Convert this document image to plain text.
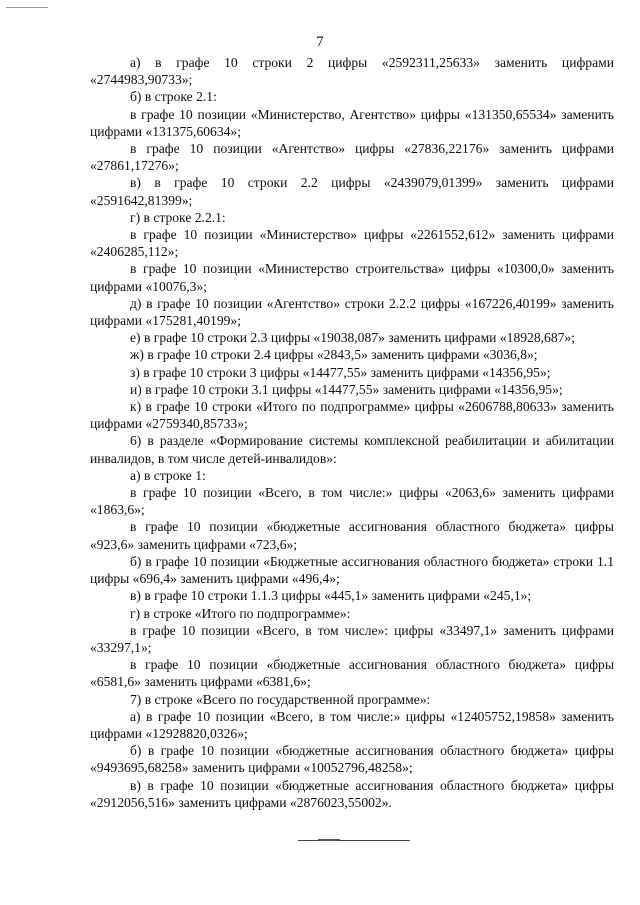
7

а) в графе 10 строки 2 цифры «2592311,25633» заменить цифрами «2744983,90733»;

б) в строке 2.1:

в графе 10 позиции «Министерство, Агентство» цифры «131350,65534» заменить цифрами «131375,60634»;

в графе 10 позиции «Агентство» цифры «27836,22176» заменить цифрами «27861,17276»;

в) в графе 10 строки 2.2 цифры «2439079,01399» заменить цифрами «2591642,81399»;

г) в строке 2.2.1:

в графе 10 позиции «Министерство» цифры «2261552,612» заменить цифрами «2406285,112»;

в графе 10 позиции «Министерство строительства» цифры «10300,0» заменить цифрами «10076,3»;

д) в графе 10 позиции «Агентство» строки 2.2.2 цифры «167226,40199» заменить цифрами «175281,40199»;

е) в графе 10 строки 2.3 цифры «19038,087» заменить цифрами «18928,687»;

ж) в графе 10 строки 2.4 цифры «2843,5» заменить цифрами «3036,8»;

з) в графе 10 строки 3 цифры «14477,55» заменить цифрами «14356,95»;

и) в графе 10 строки 3.1 цифры «14477,55» заменить цифрами «14356,95»;

к) в графе 10 строки «Итого по подпрограмме» цифры «2606788,80633» заменить цифрами «2759340,85733»;

6) в разделе «Формирование системы комплексной реабилитации и абилитации инвалидов, в том числе детей-инвалидов»:

а) в строке 1:

в графе 10 позиции «Всего, в том числе:» цифры «2063,6» заменить цифрами «1863,6»;

в графе 10 позиции «бюджетные ассигнования областного бюджета» цифры «923,6» заменить цифрами «723,6»;

б) в графе 10 позиции «Бюджетные ассигнования областного бюджета» строки 1.1 цифры «696,4» заменить цифрами «496,4»;

в) в графе 10 строки 1.1.3 цифры «445,1» заменить цифрами «245,1»;

г) в строке «Итого по подпрограмме»:

в графе 10 позиции «Всего, в том числе»: цифры «33497,1» заменить цифрами «33297,1»;

в графе 10 позиции «бюджетные ассигнования областного бюджета» цифры «6581,6» заменить цифрами «6381,6»;

7) в строке «Всего по государственной программе»:

а) в графе 10 позиции «Всего, в том числе:» цифры «12405752,19858» заменить цифрами «12928820,0326»;

б) в графе 10 позиции «бюджетные ассигнования областного бюджета» цифры «9493695,68258» заменить цифрами «10052796,48258»;

в) в графе 10 позиции «бюджетные ассигнования областного бюджета» цифры «2912056,516» заменить цифрами «2876023,55002».
